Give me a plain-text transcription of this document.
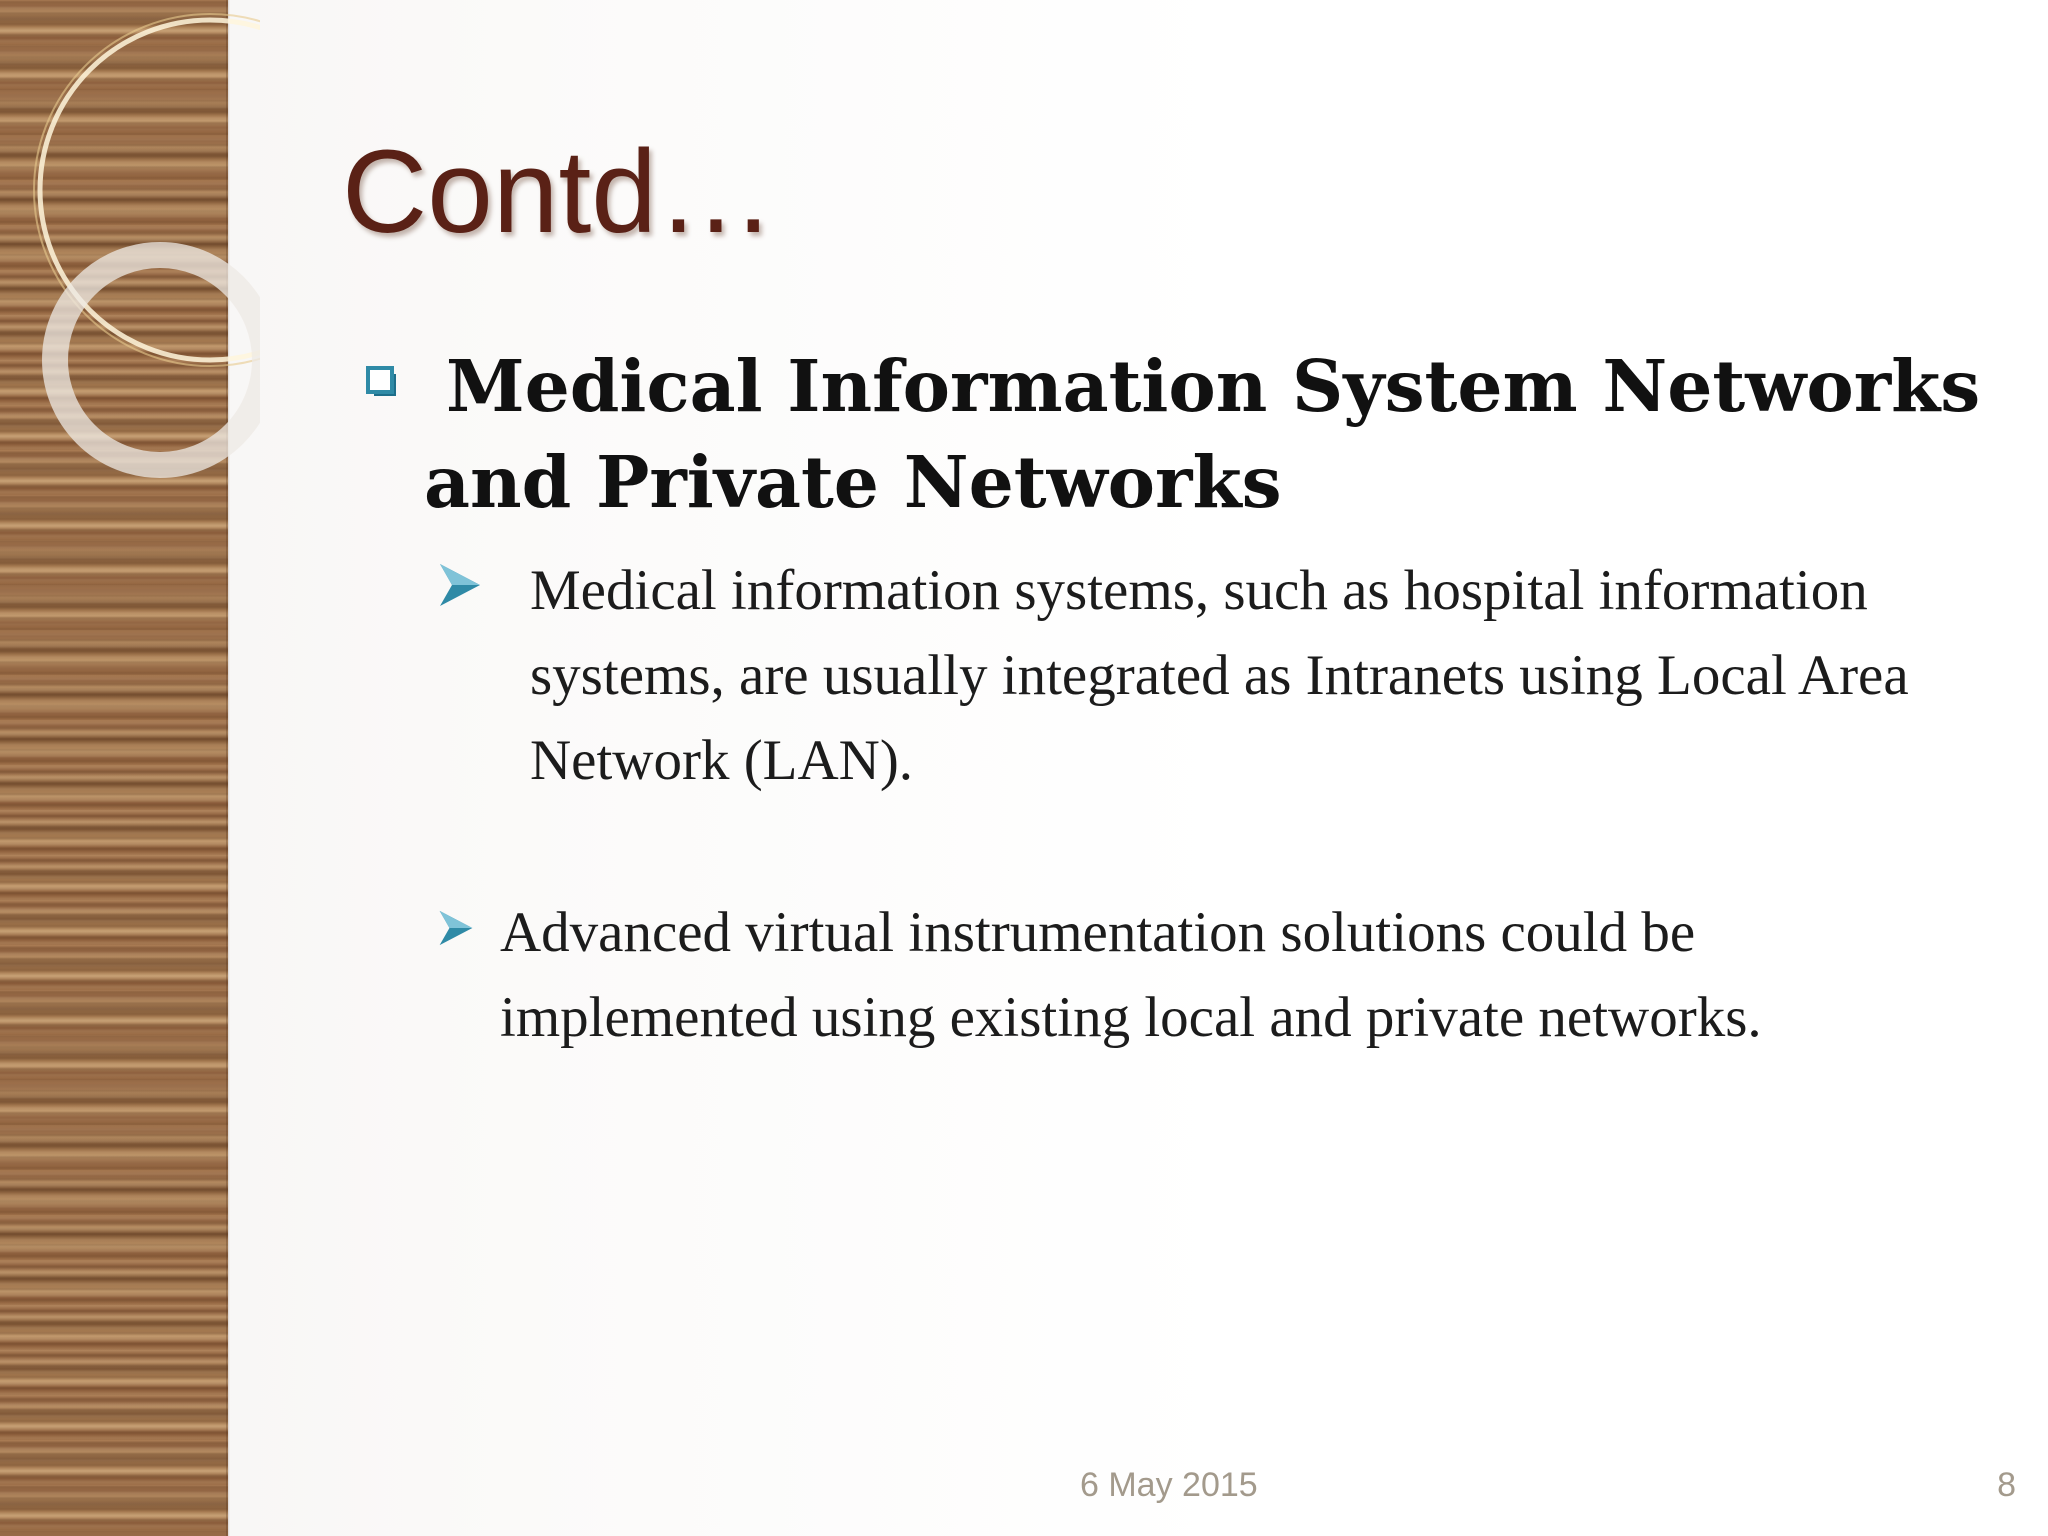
Contd…

Medical Information System Networks and Private Networks

Medical information systems, such as hospital information systems, are usually integrated as Intranets using Local Area Network (LAN).

Advanced virtual instrumentation solutions could be implemented using existing local and private networks.

6 May 2015	8
